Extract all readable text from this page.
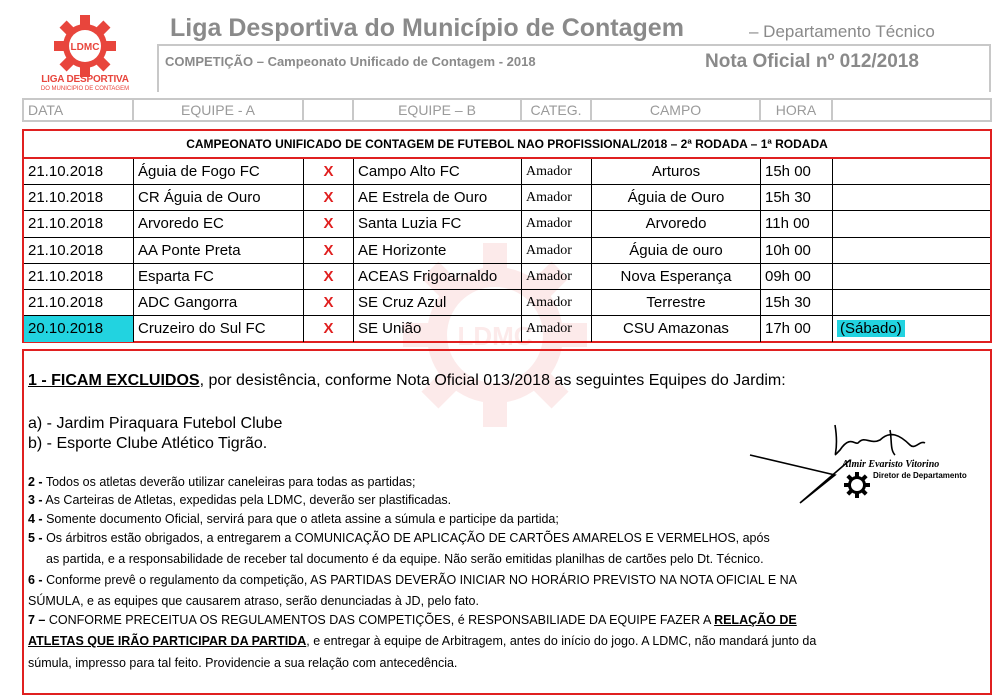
LDMC
LDMC
LIGA DESPORTIVA
DO MUNICIPIO DE CONTAGEM
Liga Desportiva do Município de Contagem	– Departamento Técnico
COMPETIÇÃO – Campeonato Unificado de Contagem - 2018	Nota Oficial nº 012/2018
DATA	EQUIPE - A	EQUIPE – B	CATEG.	CAMPO	HORA
CAMPEONATO UNIFICADO DE CONTAGEM DE FUTEBOL NAO PROFISSIONAL/2018 – 2ª RODADA – 1ª RODADA
21.10.2018	Águia de Fogo FC	X	Campo Alto FC	Amador	Arturos	15h 00
21.10.2018	CR Águia de Ouro	X	AE Estrela de Ouro	Amador	Águia de Ouro	15h 30
21.10.2018	Arvoredo EC	X	Santa Luzia FC	Amador	Arvoredo	11h 00
21.10.2018	AA Ponte Preta	X	AE Horizonte	Amador	Águia de ouro	10h 00
21.10.2018	Esparta FC	X	ACEAS Frigoarnaldo	Amador	Nova Esperança	09h 00
21.10.2018	ADC Gangorra	X	SE Cruz Azul	Amador	Terrestre	15h 30
20.10.2018	Cruzeiro do Sul FC	X	SE União	Amador	CSU Amazonas	17h 00	(Sábado)
1 - FICAM EXCLUIDOS, por desistência, conforme Nota Oficial 013/2018 as seguintes Equipes do Jardim:
a) - Jardim Piraquara Futebol Clube
b) - Esporte Clube Atlético Tigrão.
2 - Todos os atletas deverão utilizar caneleiras para todas as partidas;
3 - As Carteiras de Atletas, expedidas pela LDMC, deverão ser plastificadas.
4 - Somente documento Oficial, servirá para que o atleta assine a súmula e participe da partida;
5 - Os árbitros estão obrigados, a entregarem a COMUNICAÇÃO DE APLICAÇÃO DE CARTÕES AMARELOS E VERMELHOS, após
as partida, e a responsabilidade de receber tal documento é da equipe. Não serão emitidas planilhas de cartões pelo Dt. Técnico.
6 - Conforme prevê o regulamento da competição, AS PARTIDAS DEVERÃO INICIAR NO HORÁRIO PREVISTO NA NOTA OFICIAL E NA
SÚMULA, e as equipes que causarem atraso, serão denunciadas à JD, pelo fato.
7 – CONFORME PRECEITUA OS REGULAMENTOS DAS COMPETIÇÕES, é RESPONSABILIADE DA EQUIPE FAZER A RELAÇÃO DE
ATLETAS QUE IRÃO PARTICIPAR DA PARTIDA, e entregar à equipe de Arbitragem, antes do início do jogo. A LDMC, não mandará junto da
súmula, impresso para tal feito. Providencie a sua relação com antecedência.
Almir Evaristo Vitorino
Diretor de Departamento
